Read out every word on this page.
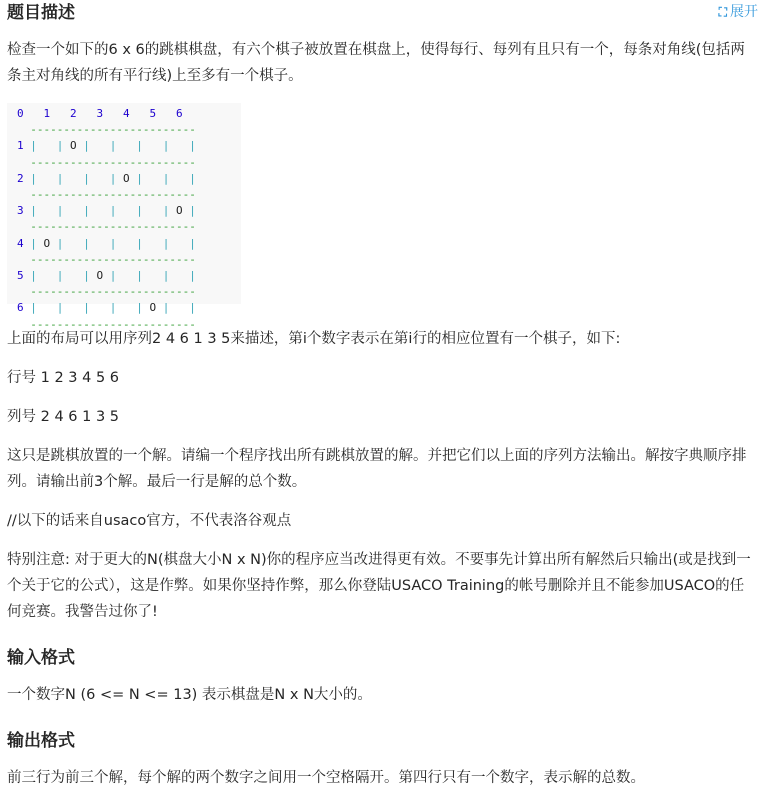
题目描述	⛶ 展开

检查一个如下的6 x 6的跳棋棋盘，有六个棋子被放置在棋盘上，使得每行、每列有且只有一个，每条对角线(包括两条主对角线的所有平行线)上至多有一个棋子。

0 1 2 3 4 5 6
-------------------------
1 | | O | | | | |
-------------------------
2 | | | | O | | |
-------------------------
3 | | | | | | O |
-------------------------
4 | O | | | | | |
-------------------------
5 | | | O | | | |
-------------------------
6 | | | | | O | |
-------------------------

上面的布局可以用序列2 4 6 1 3 5来描述，第i个数字表示在第i行的相应位置有一个棋子，如下:

行号 1 2 3 4 5 6

列号 2 4 6 1 3 5

这只是跳棋放置的一个解。请编一个程序找出所有跳棋放置的解。并把它们以上面的序列方法输出。解按字典顺序排列。请输出前3个解。最后一行是解的总个数。

//以下的话来自usaco官方，不代表洛谷观点

特别注意: 对于更大的N(棋盘大小N x N)你的程序应当改进得更有效。不要事先计算出所有解然后只输出(或是找到一个关于它的公式），这是作弊。如果你坚持作弊，那么你登陆USACO Training的帐号删除并且不能参加USACO的任何竞赛。我警告过你了!

输入格式

一个数字N (6 <= N <= 13) 表示棋盘是N x N大小的。

输出格式

前三行为前三个解，每个解的两个数字之间用一个空格隔开。第四行只有一个数字，表示解的总数。
